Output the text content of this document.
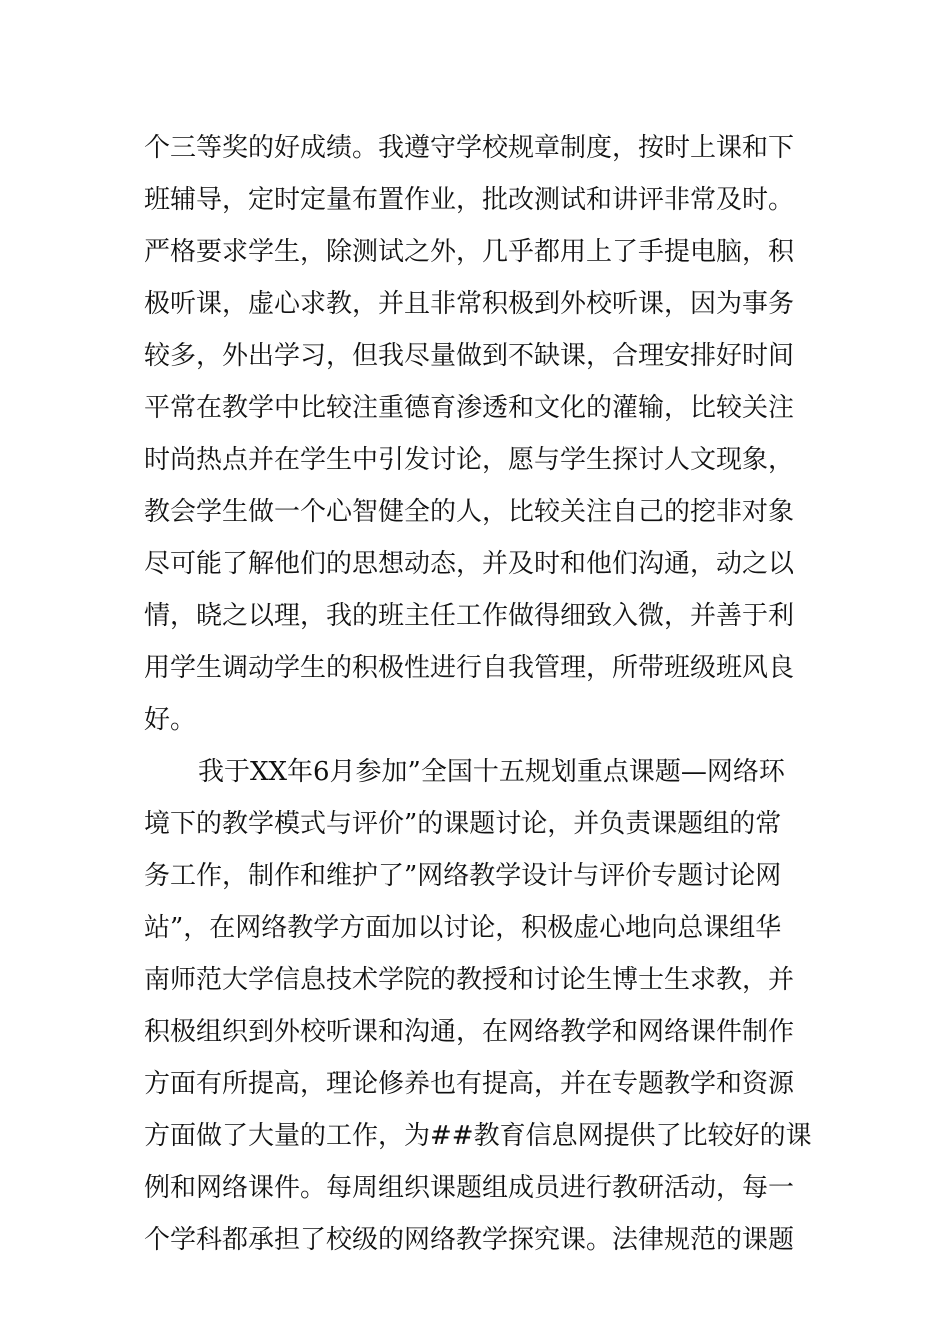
个三等奖的好成绩。我遵守学校规章制度，按时上课和下
班辅导，定时定量布置作业，批改测试和讲评非常及时。
严格要求学生，除测试之外，几乎都用上了手提电脑，积
极听课，虚心求教，并且非常积极到外校听课，因为事务
较多，外出学习，但我尽量做到不缺课，合理安排好时间
平常在教学中比较注重德育渗透和文化的灌输，比较关注
时尚热点并在学生中引发讨论，愿与学生探讨人文现象，
教会学生做一个心智健全的人，比较关注自己的挖非对象
尽可能了解他们的思想动态，并及时和他们沟通，动之以
情，晓之以理，我的班主任工作做得细致入微，并善于利
用学生调动学生的积极性进行自我管理，所带班级班风良
好。
我于XX年6月参加”全国十五规划重点课题—网络环
境下的教学模式与评价”的课题讨论，并负责课题组的常
务工作，制作和维护了”网络教学设计与评价专题讨论网
站”，在网络教学方面加以讨论，积极虚心地向总课组华
南师范大学信息技术学院的教授和讨论生博士生求教，并
积极组织到外校听课和沟通，在网络教学和网络课件制作
方面有所提高，理论修养也有提高，并在专题教学和资源
方面做了大量的工作，为##教育信息网提供了比较好的课
例和网络课件。每周组织课题组成员进行教研活动，每一
个学科都承担了校级的网络教学探究课。法律规范的课题
